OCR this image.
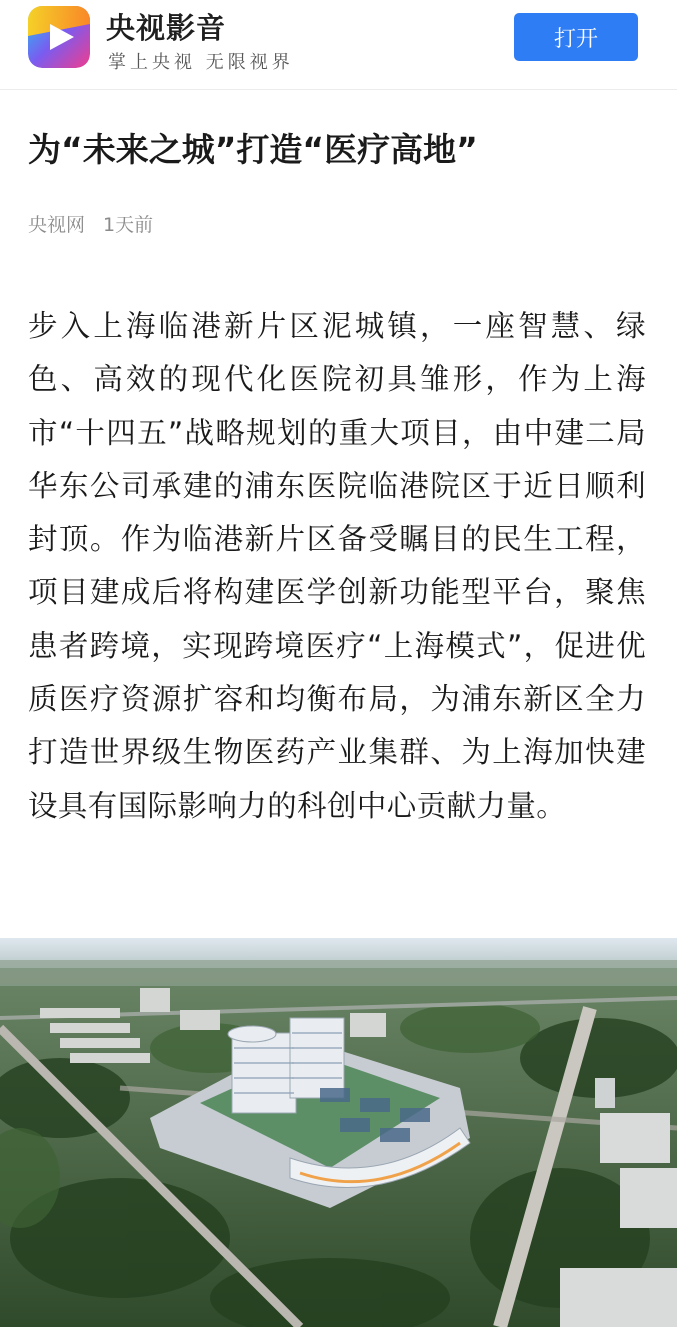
央视影音
掌上央视 无限视界
打开
为“未来之城”打造“医疗高地”
央视网 1天前

步入上海临港新片区泥城镇，一座智慧、绿色、高效的现代化医院初具雏形，作为上海市“十四五”战略规划的重大项目，由中建二局华东公司承建的浦东医院临港院区于近日顺利封顶。作为临港新片区备受瞩目的民生工程，项目建成后将构建医学创新功能型平台，聚焦患者跨境，实现跨境医疗“上海模式”，促进优质医疗资源扩容和均衡布局，为浦东新区全力打造世界级生物医药产业集群、为上海加快建设具有国际影响力的科创中心贡献力量。
